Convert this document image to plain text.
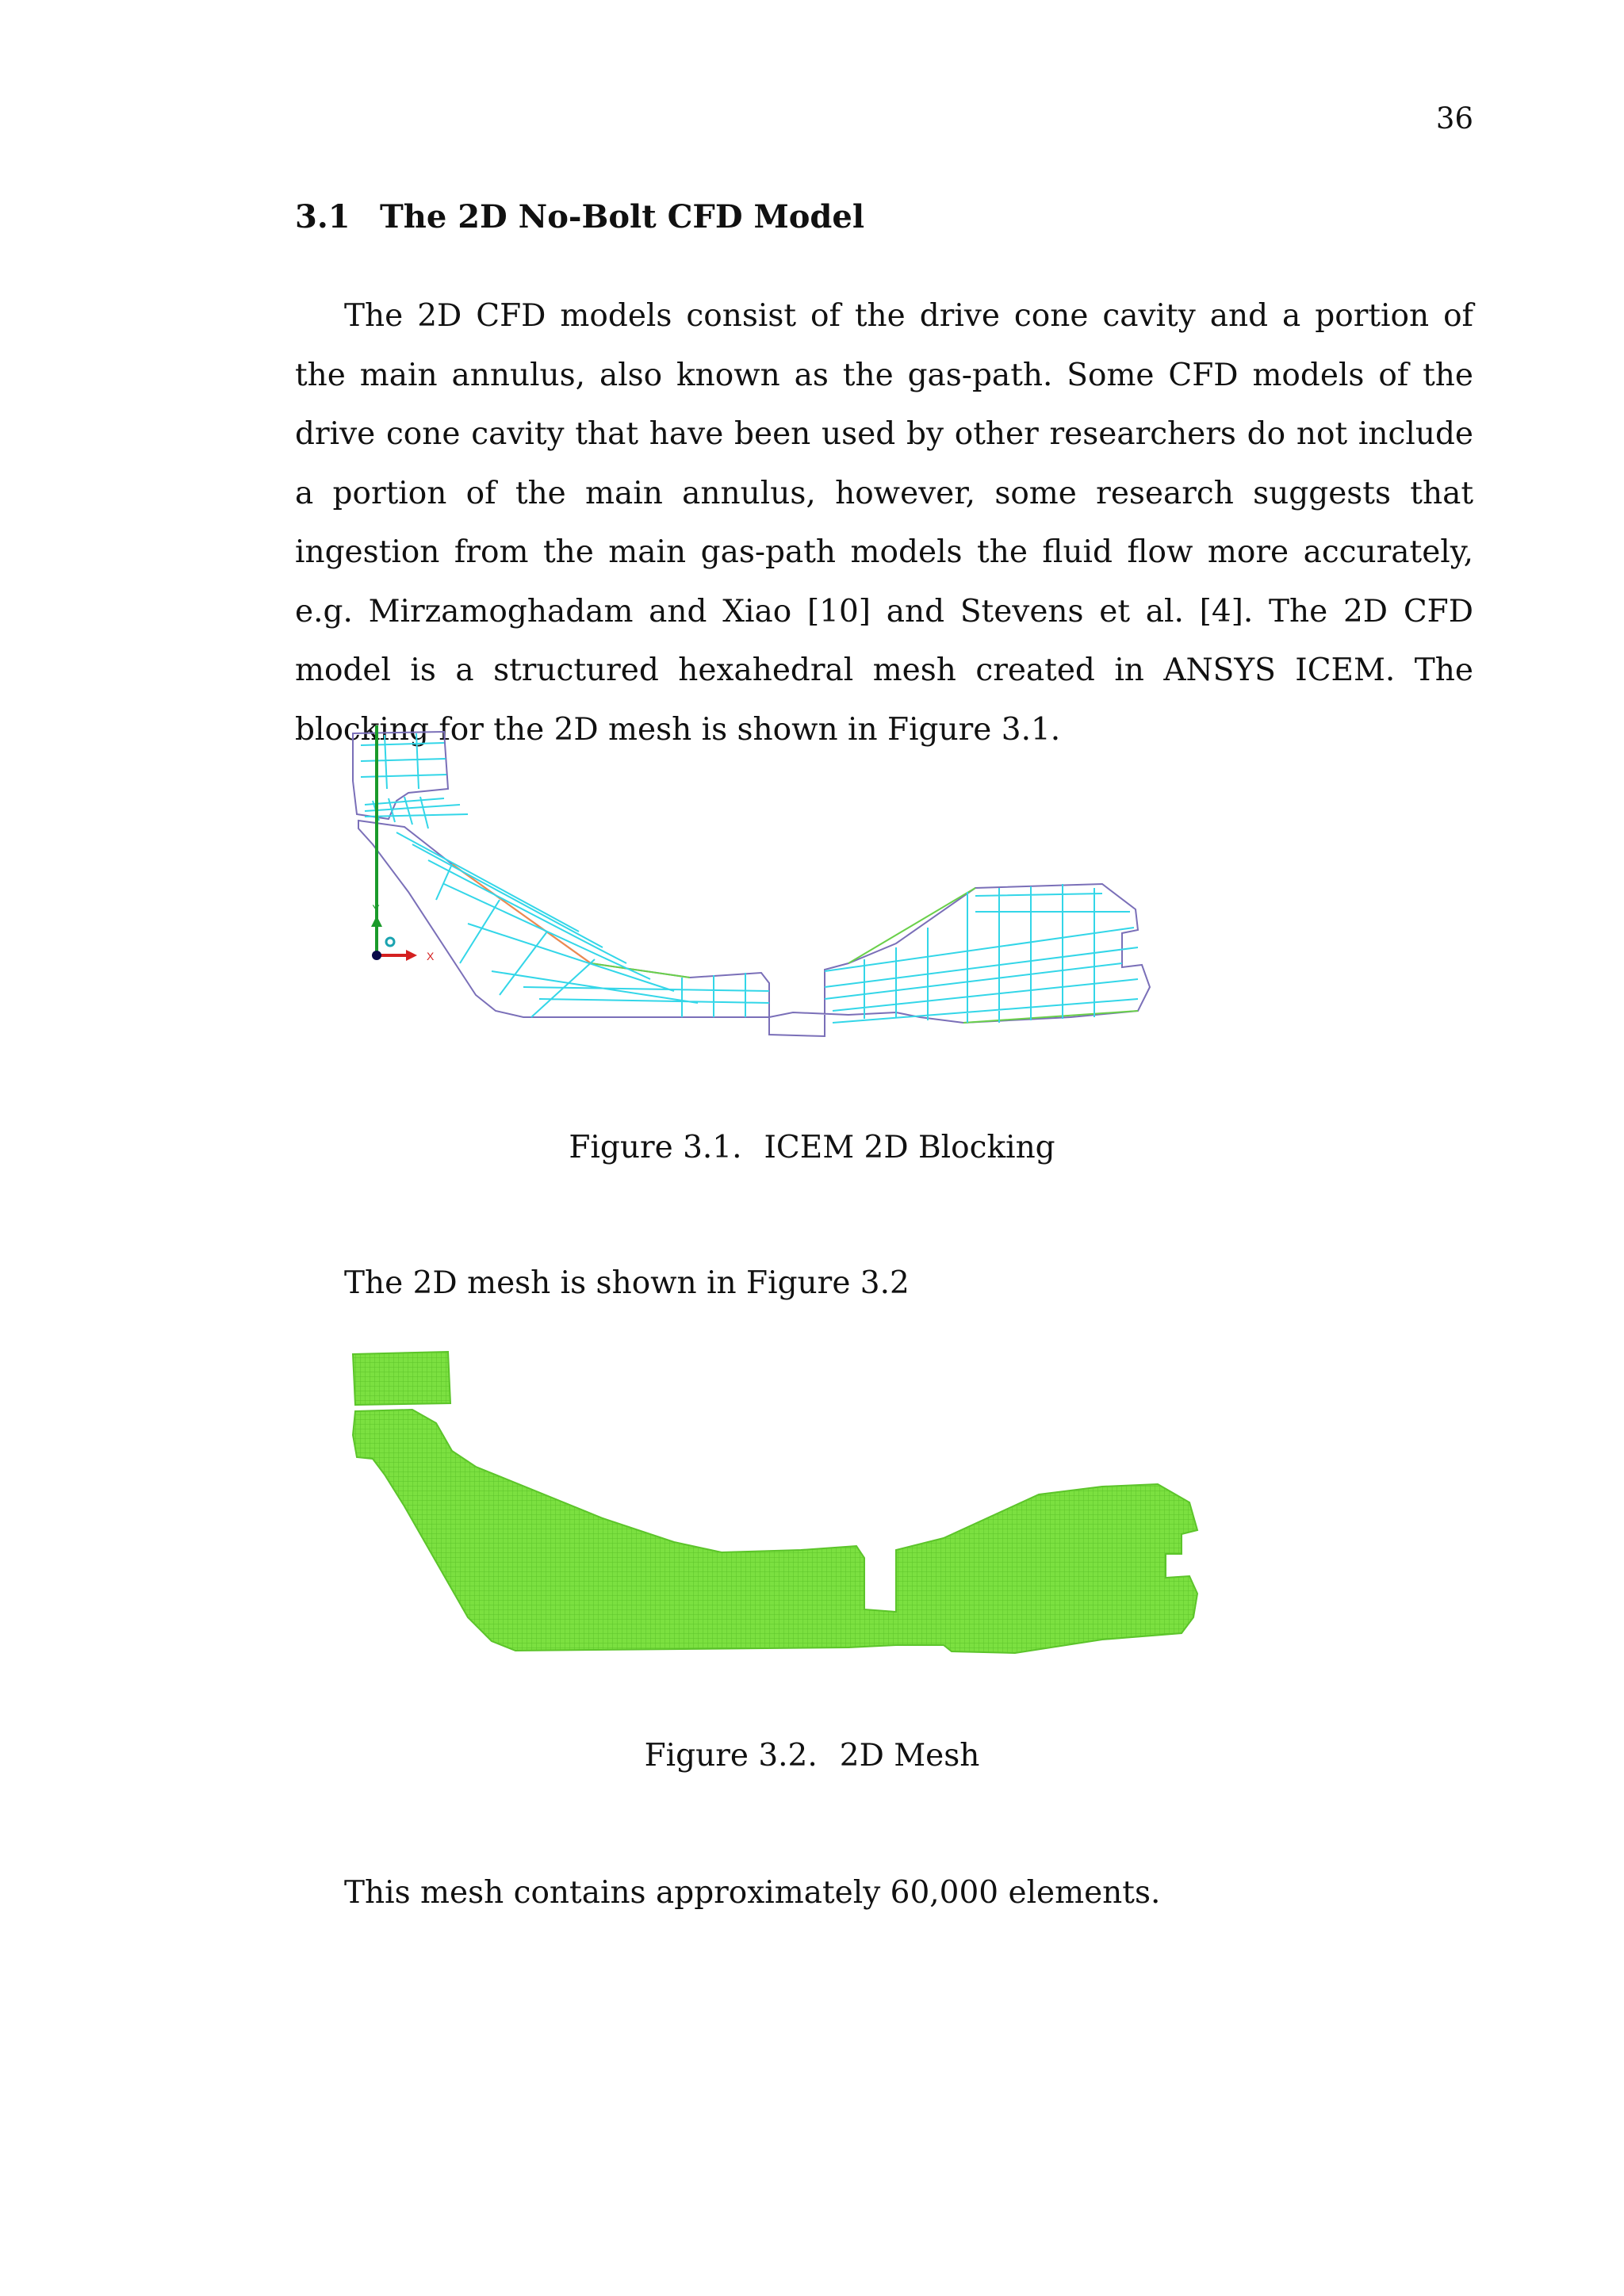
36
3.1 The 2D No-Bolt CFD Model

The 2D CFD models consist of the drive cone cavity and a portion of the main annulus, also known as the gas-path. Some CFD models of the drive cone cavity that have been used by other researchers do not include a portion of the main annulus, however, some research suggests that ingestion from the main gas-path models the fluid flow more accurately, e.g. Mirzamoghadam and Xiao [10] and Stevens et al. [4]. The 2D CFD model is a structured hexahedral mesh created in ANSYS ICEM. The blocking for the 2D mesh is shown in Figure 3.1.

Y
X
Figure 3.1. ICEM 2D Blocking
The 2D mesh is shown in Figure 3.2
Figure 3.2. 2D Mesh
This mesh contains approximately 60,000 elements.
